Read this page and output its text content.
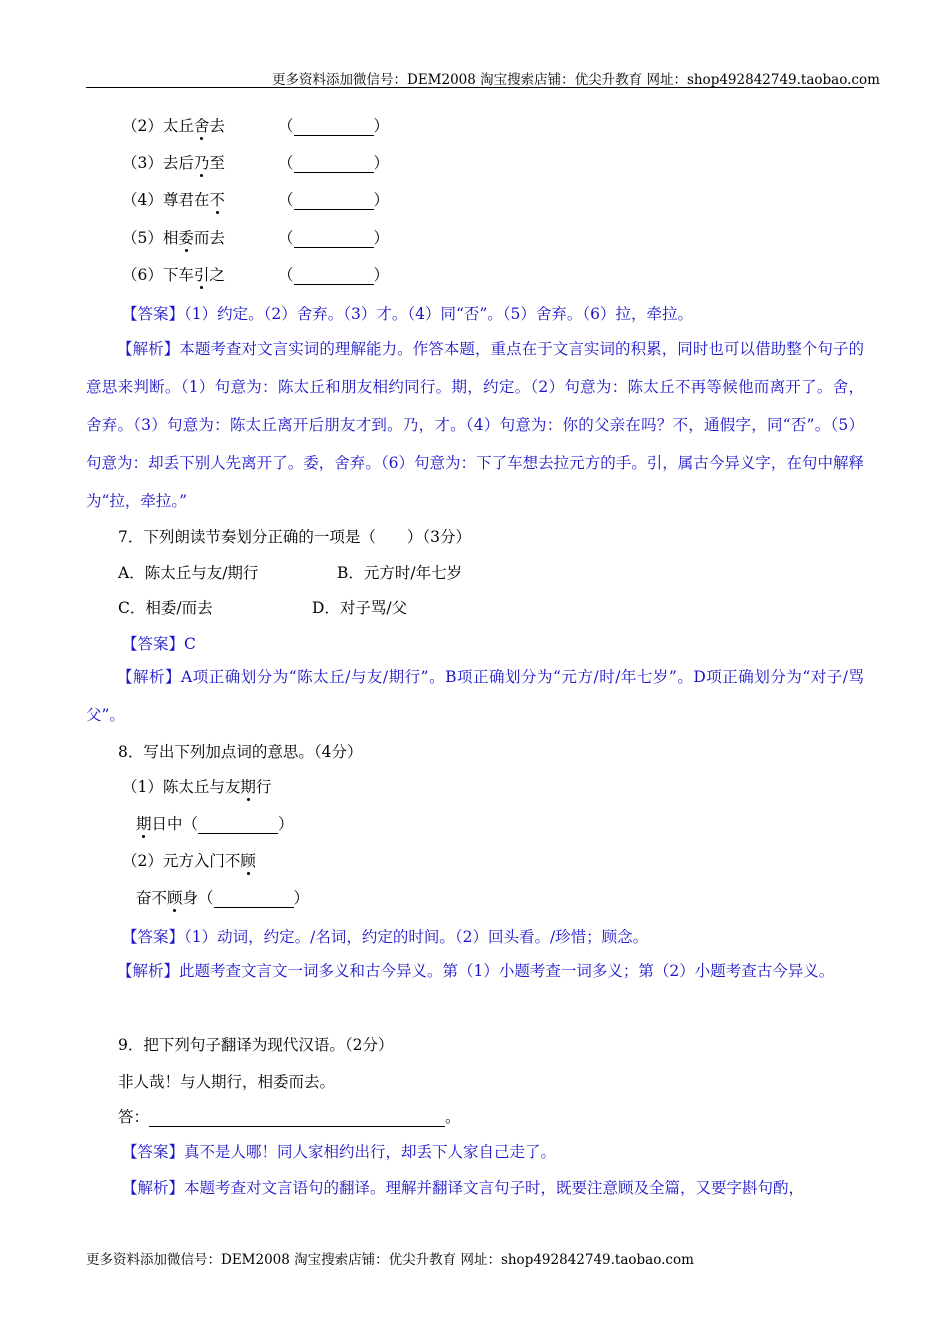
更多资料添加微信号：DEM2008 淘宝搜索店铺：优尖升教育 网址：shop492842749.taobao.com
（2）太丘舍去	（	）
（3）去后乃至	（	）
（4）尊君在不	（	）
（5）相委而去	（	）
（6）下车引之	（	）
【答案】（1）约定。（2）舍弃。（3）才。（4）同“否”。（5）舍弃。（6）拉，牵拉。
【解析】本题考查对文言实词的理解能力。作答本题，重点在于文言实词的积累，同时也可以借助整个句子的意思来判断。（1）句意为：陈太丘和朋友相约同行。期，约定。（2）句意为：陈太丘不再等候他而离开了。舍，舍弃。（3）句意为：陈太丘离开后朋友才到。乃，才。（4）句意为：你的父亲在吗？不，通假字，同“否”。（5）句意为：却丢下别人先离开了。委，舍弃。（6）句意为：下了车想去拉元方的手。引，属古今异义字，在句中解释为“拉，牵拉。”
7．下列朗读节奏划分正确的一项是（　　）（3分）
A．陈太丘与友/期行	B．元方时/年七岁
C．相委/而去	D．对子骂/父
【答案】C
【解析】A项正确划分为“陈太丘/与友/期行”。B项正确划分为“元方/时/年七岁”。D项正确划分为“对子/骂父”。
8．写出下列加点词的意思。（4分）
（1）陈太丘与友期行
期日中（	）
（2）元方入门不顾
奋不顾身（	）
【答案】（1）动词，约定。/名词，约定的时间。（2）回头看。/珍惜；顾念。
【解析】此题考查文言文一词多义和古今异义。第（1）小题考查一词多义；第（2）小题考查古今异义。
9．把下列句子翻译为现代汉语。（2分）
非人哉！与人期行，相委而去。
答：	。
【答案】真不是人哪！同人家相约出行，却丢下人家自己走了。
【解析】本题考查对文言语句的翻译。理解并翻译文言句子时，既要注意顾及全篇，又要字斟句酌，
更多资料添加微信号：DEM2008 淘宝搜索店铺：优尖升教育 网址：shop492842749.taobao.com
